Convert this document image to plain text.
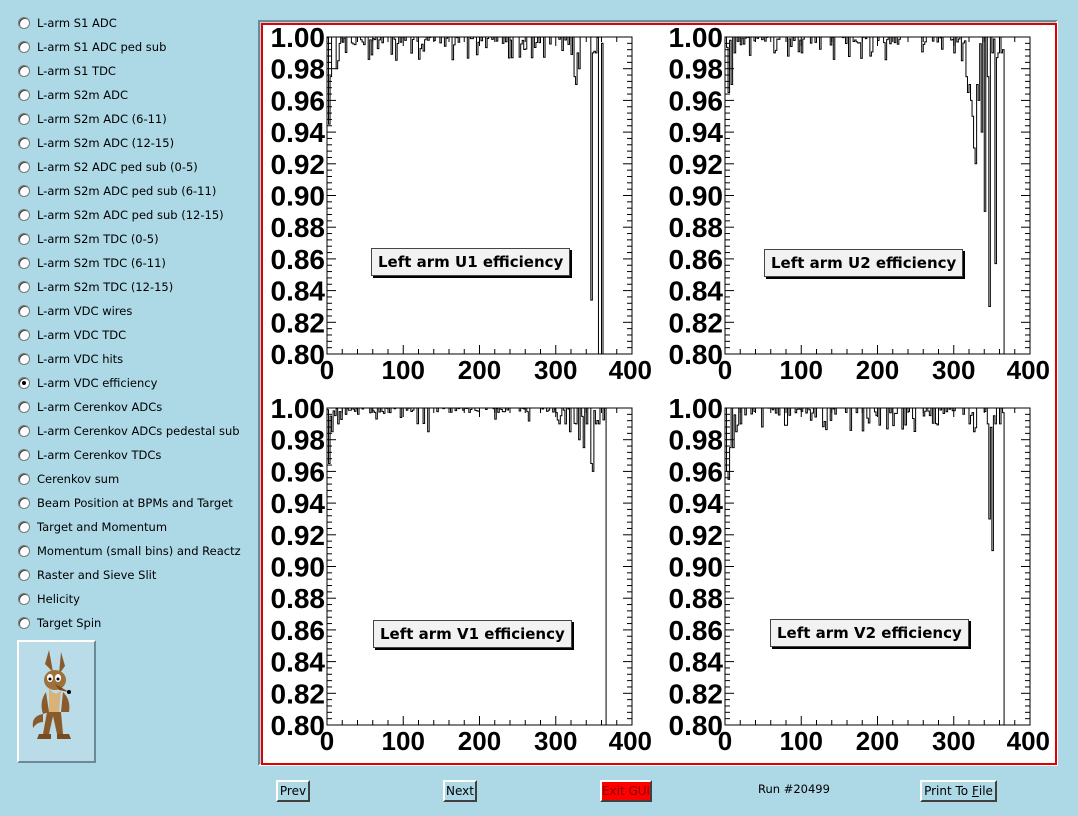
L-arm S1 ADC
L-arm S1 ADC ped sub
L-arm S1 TDC
L-arm S2m ADC
L-arm S2m ADC (6-11)
L-arm S2m ADC (12-15)
L-arm S2 ADC ped sub (0-5)
L-arm S2m ADC ped sub (6-11)
L-arm S2m ADC ped sub (12-15)
L-arm S2m TDC (0-5)
L-arm S2m TDC (6-11)
L-arm S2m TDC (12-15)
L-arm VDC wires
L-arm VDC TDC
L-arm VDC hits
L-arm VDC efficiency
L-arm Cerenkov ADCs
L-arm Cerenkov ADCs pedestal sub
L-arm Cerenkov TDCs
Cerenkov sum
Beam Position at BPMs and Target
Target and Momentum
Momentum (small bins) and Reactz
Raster and Sieve Slit
Helicity
Target Spin
0.80
0.82
0.84
0.86
0.88
0.90
0.92
0.94
0.96
0.98
1.00
0 100 200 300 400
Left arm U1 efficiency
0.80
0.82
0.84
0.86
0.88
0.90
0.92
0.94
0.96
0.98
1.00
0 100 200 300 400
Left arm U2 efficiency
0.80
0.82
0.84
0.86
0.88
0.90
0.92
0.94
0.96
0.98
1.00
0 100 200 300 400
Left arm V1 efficiency
0.80
0.82
0.84
0.86
0.88
0.90
0.92
0.94
0.96
0.98
1.00
0 100 200 300 400
Left arm V2 efficiency
Prev	Next	Exit GUI	Run #20499	Print To F ile
